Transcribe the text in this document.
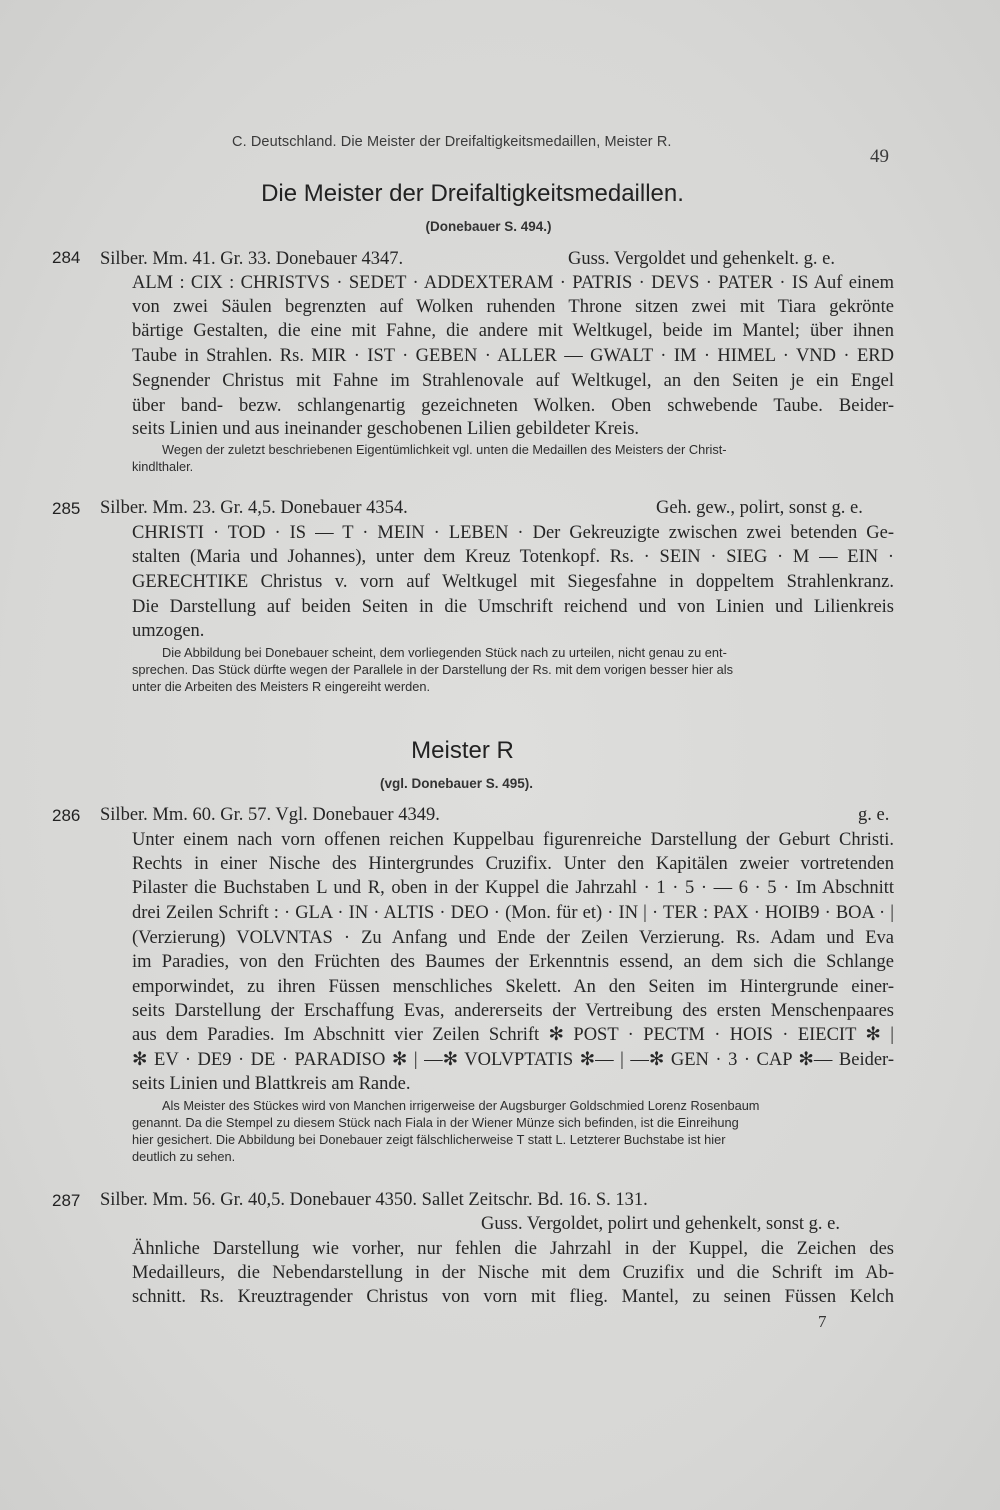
C. Deutschland. Die Meister der Dreifaltigkeitsmedaillen, Meister R.
49
Die Meister der Dreifaltigkeitsmedaillen.
(Donebauer S. 494.)
284 Silber. Mm. 41. Gr. 33. Donebauer 4347.	Guss. Vergoldet und gehenkelt. g. e.
ALM : CIX : CHRISTVS · SEDET · ADDEXTERAM · PATRIS · DEVS · PATER · IS Auf einem
von zwei Säulen begrenzten auf Wolken ruhenden Throne sitzen zwei mit Tiara gekrönte
bärtige Gestalten, die eine mit Fahne, die andere mit Weltkugel, beide im Mantel; über ihnen
Taube in Strahlen. Rs. MIR · IST · GEBEN · ALLER — GWALT · IM · HIMEL · VND · ERD
Segnender Christus mit Fahne im Strahlenovale auf Weltkugel, an den Seiten je ein Engel
über band- bezw. schlangenartig gezeichneten Wolken. Oben schwebende Taube. Beider-
seits Linien und aus ineinander geschobenen Lilien gebildeter Kreis.
Wegen der zuletzt beschriebenen Eigentümlichkeit vgl. unten die Medaillen des Meisters der Christ-
kindlthaler.
285 Silber. Mm. 23. Gr. 4,5. Donebauer 4354.	Geh. gew., polirt, sonst g. e.
CHRISTI · TOD · IS — T · MEIN · LEBEN · Der Gekreuzigte zwischen zwei betenden Ge-
stalten (Maria und Johannes), unter dem Kreuz Totenkopf. Rs. · SEIN · SIEG · M — EIN ·
GERECHTIKE Christus v. vorn auf Weltkugel mit Siegesfahne in doppeltem Strahlenkranz.
Die Darstellung auf beiden Seiten in die Umschrift reichend und von Linien und Lilienkreis
umzogen.
Die Abbildung bei Donebauer scheint, dem vorliegenden Stück nach zu urteilen, nicht genau zu ent-
sprechen. Das Stück dürfte wegen der Parallele in der Darstellung der Rs. mit dem vorigen besser hier als
unter die Arbeiten des Meisters R eingereiht werden.
Meister R
(vgl. Donebauer S. 495).
286 Silber. Mm. 60. Gr. 57. Vgl. Donebauer 4349.	g. e.
Unter einem nach vorn offenen reichen Kuppelbau figurenreiche Darstellung der Geburt Christi.
Rechts in einer Nische des Hintergrundes Cruzifix. Unter den Kapitälen zweier vortretenden
Pilaster die Buchstaben L und R, oben in der Kuppel die Jahrzahl · 1 · 5 · — 6 · 5 · Im Abschnitt
drei Zeilen Schrift : · GLA · IN · ALTIS · DEO · (Mon. für et) · IN | · TER : PAX · HOIB9 · BOA · |
(Verzierung) VOLVNTAS · Zu Anfang und Ende der Zeilen Verzierung. Rs. Adam und Eva
im Paradies, von den Früchten des Baumes der Erkenntnis essend, an dem sich die Schlange
emporwindet, zu ihren Füssen menschliches Skelett. An den Seiten im Hintergrunde einer-
seits Darstellung der Erschaffung Evas, andererseits der Vertreibung des ersten Menschenpaares
aus dem Paradies. Im Abschnitt vier Zeilen Schrift ✻ POST · PECTM · HOIS · EIECIT ✻ |
✻ EV · DE9 · DE · PARADISO ✻ | —✻ VOLVPTATIS ✻— | —✻ GEN · 3 · CAP ✻— Beider-
seits Linien und Blattkreis am Rande.
Als Meister des Stückes wird von Manchen irrigerweise der Augsburger Goldschmied Lorenz Rosenbaum
genannt. Da die Stempel zu diesem Stück nach Fiala in der Wiener Münze sich befinden, ist die Einreihung
hier gesichert. Die Abbildung bei Donebauer zeigt fälschlicherweise T statt L. Letzterer Buchstabe ist hier
deutlich zu sehen.
287 Silber. Mm. 56. Gr. 40,5. Donebauer 4350. Sallet Zeitschr. Bd. 16. S. 131.
Guss. Vergoldet, polirt und gehenkelt, sonst g. e.
Ähnliche Darstellung wie vorher, nur fehlen die Jahrzahl in der Kuppel, die Zeichen des
Medailleurs, die Nebendarstellung in der Nische mit dem Cruzifix und die Schrift im Ab-
schnitt. Rs. Kreuztragender Christus von vorn mit flieg. Mantel, zu seinen Füssen Kelch
7
